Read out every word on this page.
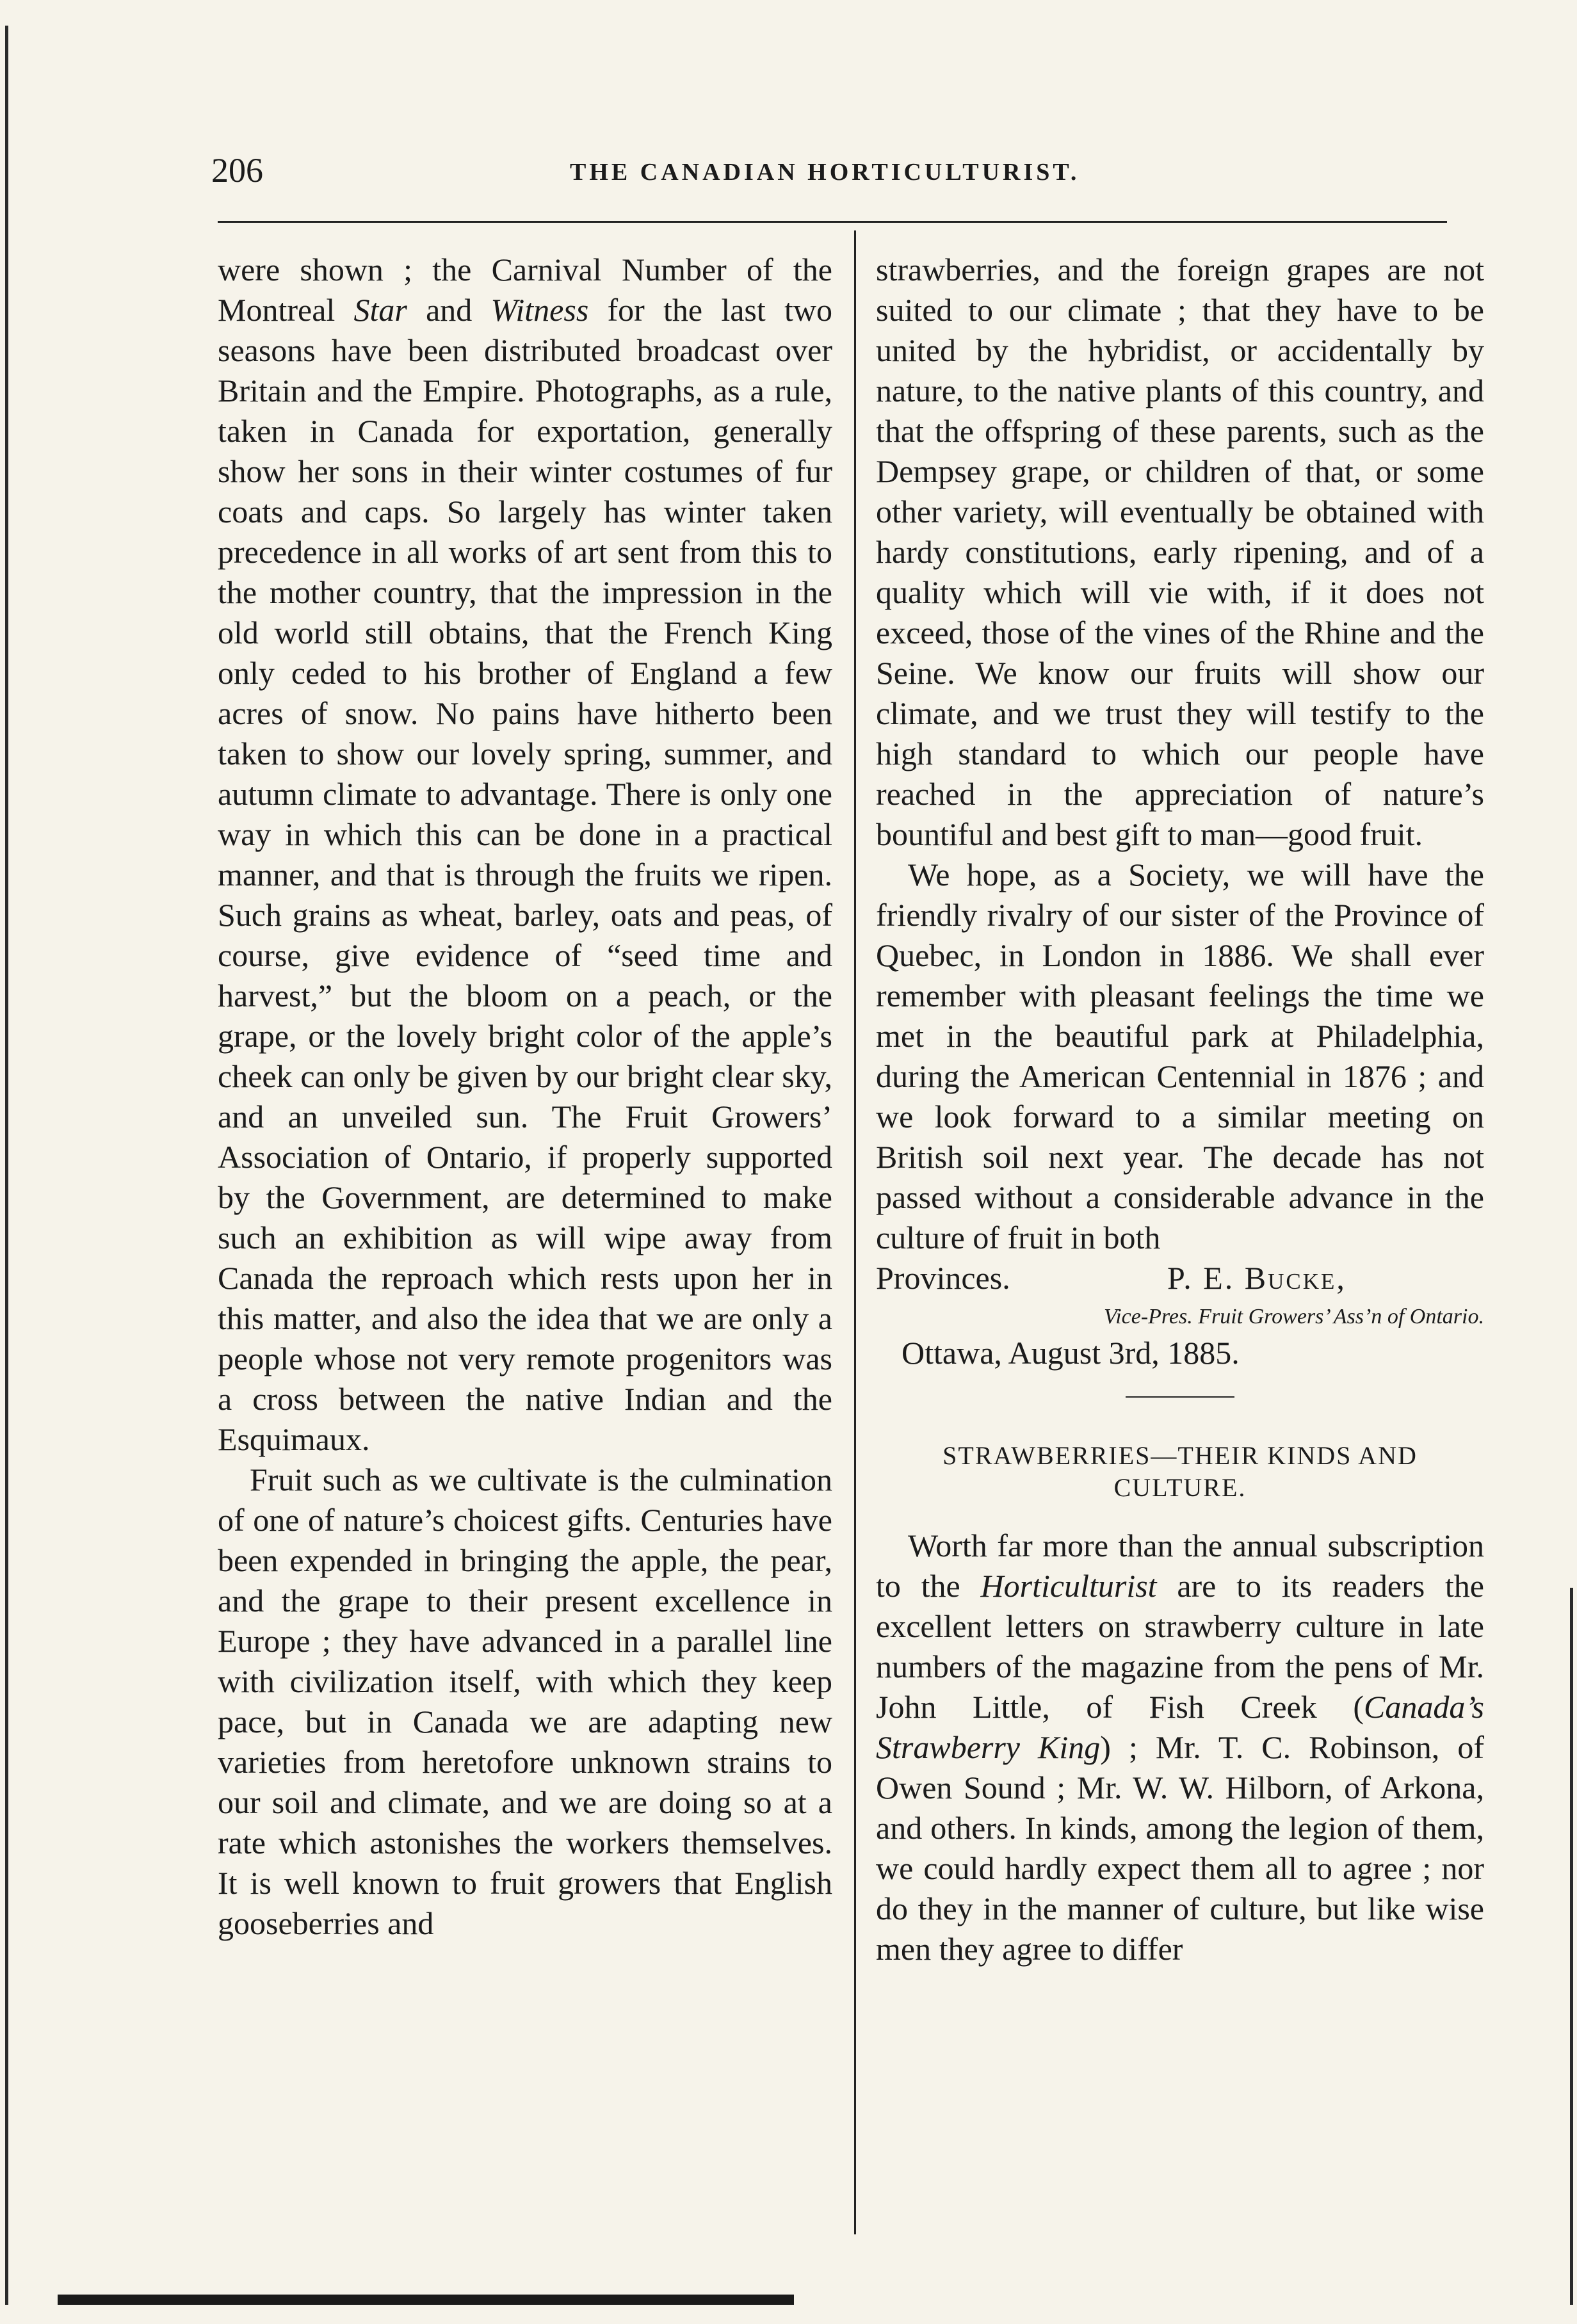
206	THE CANADIAN HORTICULTURIST.

were shown ; the Carnival Number of the Montreal Star and Witness for the last two seasons have been distributed broadcast over Britain and the Empire. Photographs, as a rule, taken in Canada for exportation, generally show her sons in their winter costumes of fur coats and caps. So largely has winter taken precedence in all works of art sent from this to the mother country, that the impression in the old world still obtains, that the French King only ceded to his brother of England a few acres of snow. No pains have hitherto been taken to show our lovely spring, summer, and autumn climate to advantage. There is only one way in which this can be done in a practical manner, and that is through the fruits we ripen. Such grains as wheat, barley, oats and peas, of course, give evidence of “seed time and harvest,” but the bloom on a peach, or the grape, or the lovely bright color of the apple’s cheek can only be given by our bright clear sky, and an unveiled sun. The Fruit Growers’ Association of Ontario, if properly supported by the Government, are determined to make such an exhibition as will wipe away from Canada the reproach which rests upon her in this matter, and also the idea that we are only a people whose not very remote progenitors was a cross between the native Indian and the Esquimaux.

Fruit such as we cultivate is the culmination of one of nature’s choicest gifts. Centuries have been expended in bringing the apple, the pear, and the grape to their present excellence in Europe ; they have advanced in a parallel line with civilization itself, with which they keep pace, but in Canada we are adapting new varieties from heretofore unknown strains to our soil and climate, and we are doing so at a rate which astonishes the workers themselves. It is well known to fruit growers that English gooseberries and

strawberries, and the foreign grapes are not suited to our climate ; that they have to be united by the hybridist, or accidentally by nature, to the native plants of this country, and that the offspring of these parents, such as the Dempsey grape, or children of that, or some other variety, will eventually be obtained with hardy constitutions, early ripening, and of a quality which will vie with, if it does not exceed, those of the vines of the Rhine and the Seine. We know our fruits will show our climate, and we trust they will testify to the high standard to which our people have reached in the appreciation of nature’s bountiful and best gift to man—good fruit.

We hope, as a Society, we will have the friendly rivalry of our sister of the Province of Quebec, in London in 1886. We shall ever remember with pleasant feelings the time we met in the beautiful park at Philadelphia, during the American Centennial in 1876 ; and we look forward to a similar meeting on British soil next year. The decade has not passed without a considerable advance in the culture of fruit in both

Provinces.	P. E. Bucke,
Vice-Pres. Fruit Growers’ Ass’n of Ontario.
Ottawa, August 3rd, 1885.
STRAWBERRIES—THEIR KINDS AND CULTURE.

Worth far more than the annual subscription to the Horticulturist are to its readers the excellent letters on strawberry culture in late numbers of the magazine from the pens of Mr. John Little, of Fish Creek (Canada’s Strawberry King) ; Mr. T. C. Robinson, of Owen Sound ; Mr. W. W. Hilborn, of Arkona, and others. In kinds, among the legion of them, we could hardly expect them all to agree ; nor do they in the manner of culture, but like wise men they agree to differ
